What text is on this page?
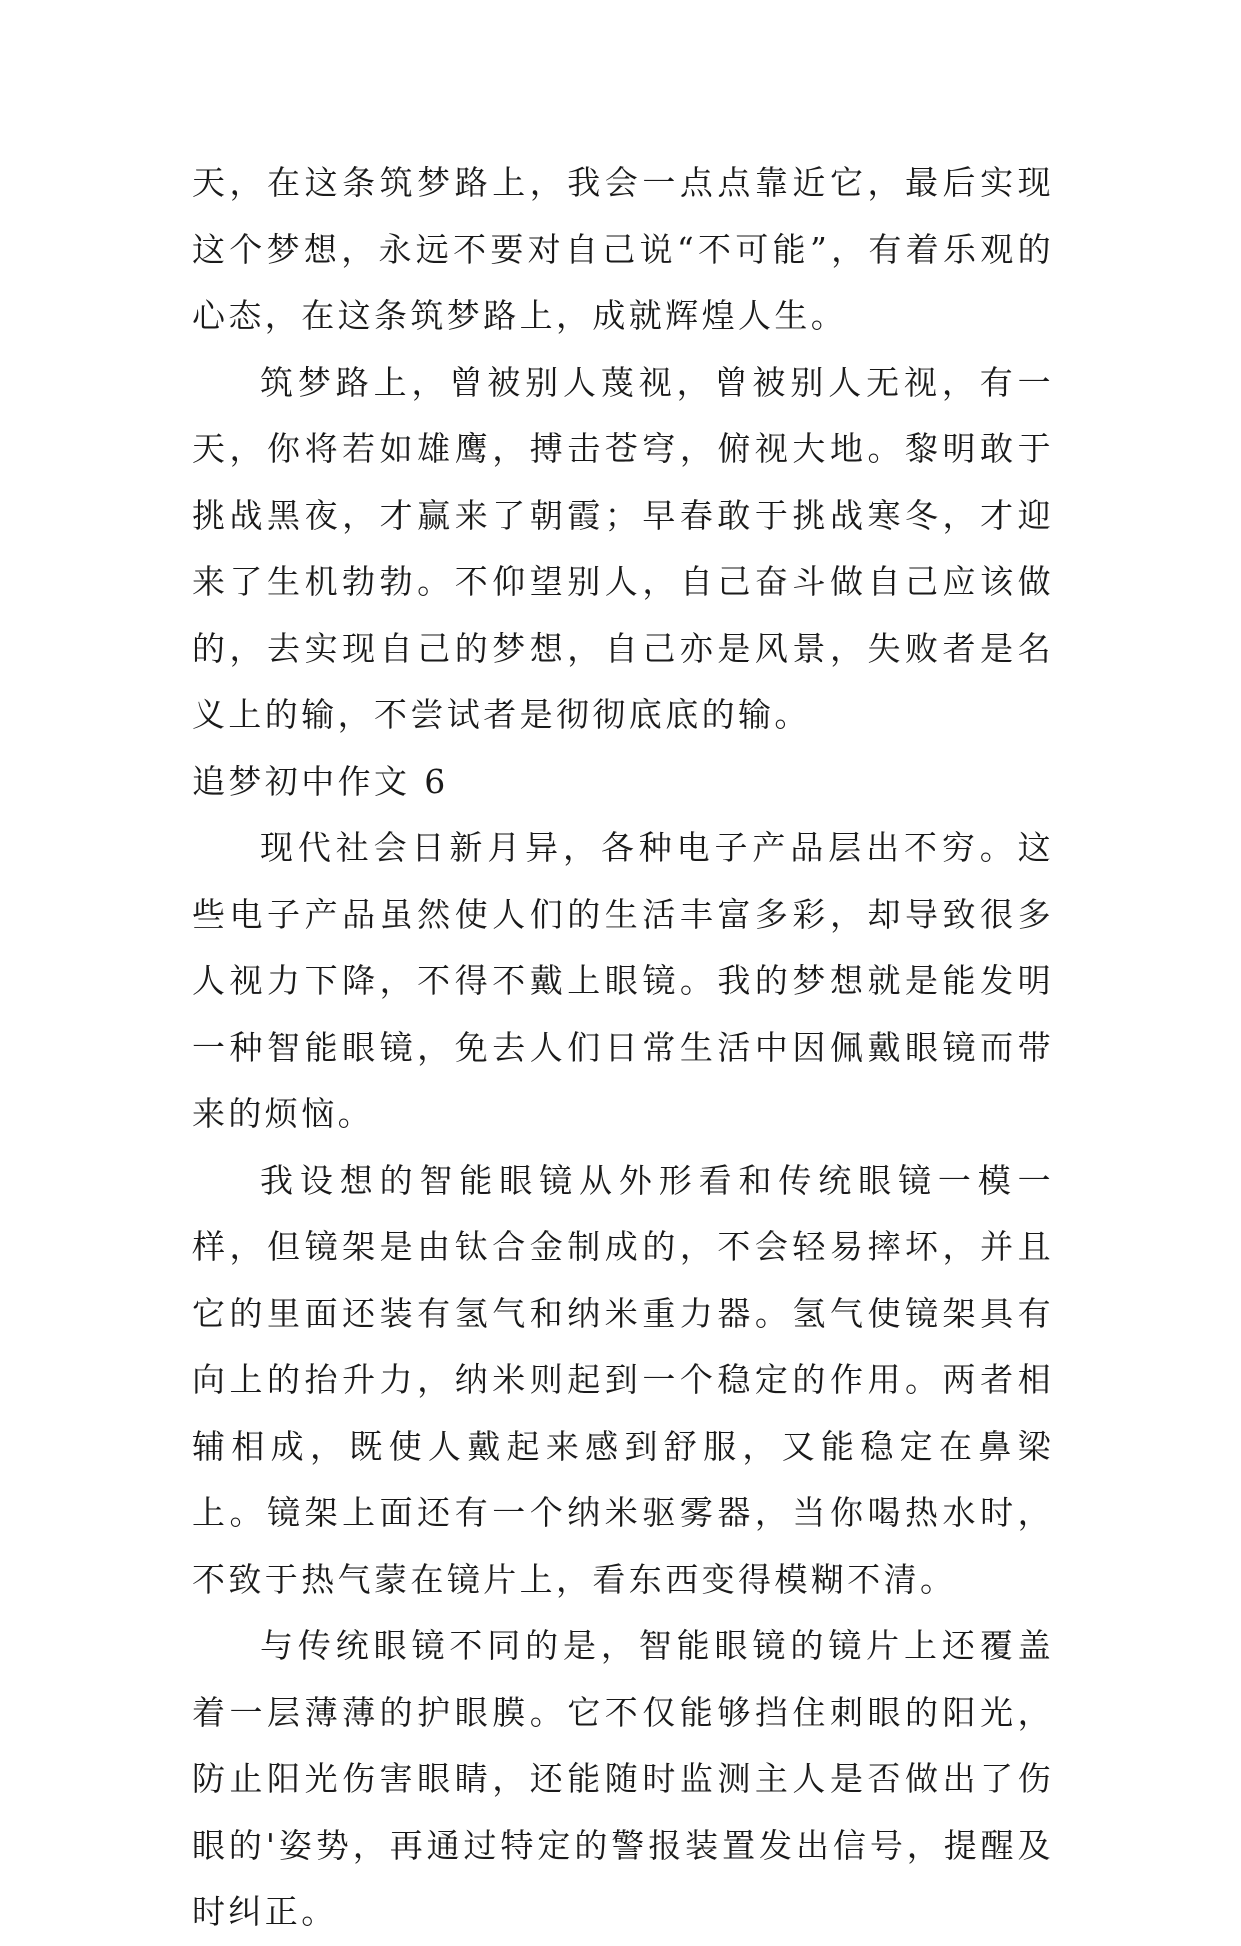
天，在这条筑梦路上，我会一点点靠近它，最后实现这个梦想，永远不要对自己说“不可能”，有着乐观的心态，在这条筑梦路上，成就辉煌人生。

筑梦路上，曾被别人蔑视，曾被别人无视，有一天，你将若如雄鹰，搏击苍穹，俯视大地。黎明敢于挑战黑夜，才赢来了朝霞；早春敢于挑战寒冬，才迎来了生机勃勃。不仰望别人，自己奋斗做自己应该做的，去实现自己的梦想，自己亦是风景，失败者是名义上的输，不尝试者是彻彻底底的输。

追梦初中作文 6

现代社会日新月异，各种电子产品层出不穷。这些电子产品虽然使人们的生活丰富多彩，却导致很多人视力下降，不得不戴上眼镜。我的梦想就是能发明一种智能眼镜，免去人们日常生活中因佩戴眼镜而带来的烦恼。

我设想的智能眼镜从外形看和传统眼镜一模一样，但镜架是由钛合金制成的，不会轻易摔坏，并且它的里面还装有氢气和纳米重力器。氢气使镜架具有向上的抬升力，纳米则起到一个稳定的作用。两者相辅相成，既使人戴起来感到舒服，又能稳定在鼻梁上。镜架上面还有一个纳米驱雾器，当你喝热水时，不致于热气蒙在镜片上，看东西变得模糊不清。

与传统眼镜不同的是，智能眼镜的镜片上还覆盖着一层薄薄的护眼膜。它不仅能够挡住刺眼的阳光，防止阳光伤害眼睛，还能随时监测主人是否做出了伤眼的'姿势，再通过特定的警报装置发出信号，提醒及时纠正。
